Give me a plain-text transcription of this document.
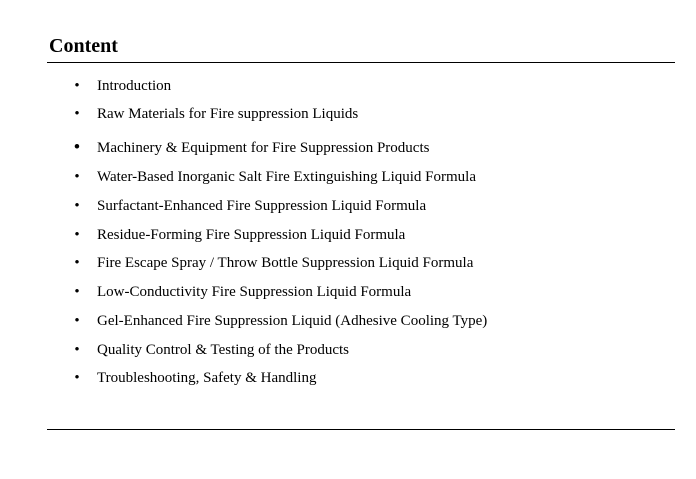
Content
• Introduction
• Raw Materials for Fire suppression Liquids
• Machinery & Equipment for Fire Suppression Products
• Water-Based Inorganic Salt Fire Extinguishing Liquid Formula
• Surfactant-Enhanced Fire Suppression Liquid Formula
• Residue-Forming Fire Suppression Liquid Formula
• Fire Escape Spray / Throw Bottle Suppression Liquid Formula
• Low-Conductivity Fire Suppression Liquid Formula
• Gel-Enhanced Fire Suppression Liquid (Adhesive Cooling Type)
• Quality Control & Testing of the Products
• Troubleshooting, Safety & Handling
